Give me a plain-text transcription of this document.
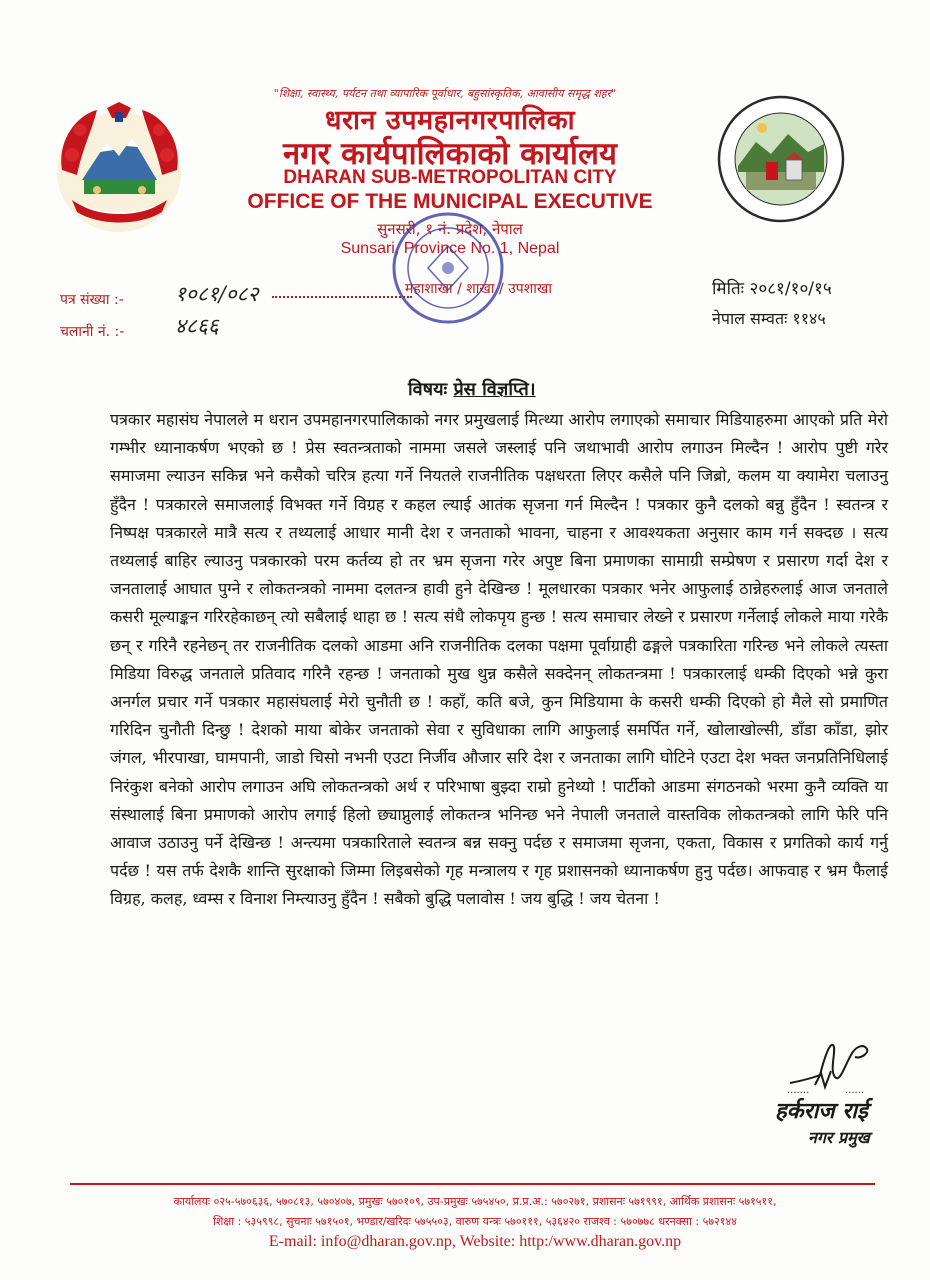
"शिक्षा, स्वास्थ्य, पर्यटन तथा व्यापारिक पूर्वाधार, बहुसांस्कृतिक, आवासीय समृद्ध शहर"
धरान उपमहानगरपालिका
नगर कार्यपालिकाको कार्यालय
DHARAN SUB-METROPOLITAN CITY
OFFICE OF THE MUNICIPAL EXECUTIVE
सुनसरी, १ नं. प्रदेश, नेपाल
Sunsari, Province No. 1, Nepal
पत्र संख्या :- १०८१/०८२	महाशाखा / शाखा / उपशाखा
चलानी नं. :- ४८६६
मितिः २०८१/१०/१५
नेपाल सम्वतः ११४५
विषयः प्रेस विज्ञप्ति।
पत्रकार महासंघ नेपालले म धरान उपमहानगरपालिकाको नगर प्रमुखलाई मित्थ्या आरोप लगाएको समाचार मिडियाहरुमा आएको प्रति मेरो गम्भीर ध्यानाकर्षण भएको छ ! प्रेस स्वतन्त्रताको नाममा जसले जस्लाई पनि जथाभावी आरोप लगाउन मिल्दैन ! आरोप पुष्टी गरेर समाजमा ल्याउन सकिन्न भने कसैको चरित्र हत्या गर्ने नियतले राजनीतिक पक्षधरता लिएर कसैले पनि जिब्रो, कलम या क्यामेरा चलाउनु हुँदैन ! पत्रकारले समाजलाई विभक्त गर्ने विग्रह र कहल ल्याई आतंक सृजना गर्न मिल्दैन ! पत्रकार कुनै दलको बन्नु हुँदैन ! स्वतन्त्र र निष्पक्ष पत्रकारले मात्रै सत्य र तथ्यलाई आधार मानी देश र जनताको भावना, चाहना र आवश्यकता अनुसार काम गर्न सक्दछ । सत्य तथ्यलाई बाहिर ल्याउनु पत्रकारको परम कर्तव्य हो तर भ्रम सृजना गरेर अपुष्ट बिना प्रमाणका सामाग्री सम्प्रेषण र प्रसारण गर्दा देश र जनतालाई आघात पुग्ने र लोकतन्त्रको नाममा दलतन्त्र हावी हुने देखिन्छ ! मूलधारका पत्रकार भनेर आफुलाई ठान्नेहरुलाई आज जनताले कसरी मूल्याङ्कन गरिरहेकाछन् त्यो सबैलाई थाहा छ ! सत्य संधै लोकपृय हुन्छ ! सत्य समाचार लेख्ने र प्रसारण गर्नेलाई लोकले माया गरेकै छन् र गरिनै रहनेछन् तर राजनीतिक दलको आडमा अनि राजनीतिक दलका पक्षमा पूर्वाग्राही ढङ्गले पत्रकारिता गरिन्छ भने लोकले त्यस्ता मिडिया विरुद्ध जनताले प्रतिवाद गरिनै रहन्छ ! जनताको मुख थुन्न कसैले सक्देनन् लोकतन्त्रमा ! पत्रकारलाई धम्की दिएको भन्ने कुरा अनर्गल प्रचार गर्ने पत्रकार महासंघलाई मेरो चुनौती छ ! कहाँ, कति बजे, कुन मिडियामा के कसरी धम्की दिएको हो मैले सो प्रमाणित गरिदिन चुनौती दिन्छु ! देशको माया बोकेर जनताको सेवा र सुविधाका लागि आफुलाई समर्पित गर्ने, खोलाखोल्सी, डाँडा काँडा, झोर जंगल, भीरपाखा, घामपानी, जाडो चिसो नभनी एउटा निर्जीव औजार सरि देश र जनताका लागि घोटिने एउटा देश भक्त जनप्रतिनिधिलाई निरंकुश बनेको आरोप लगाउन अघि लोकतन्त्रको अर्थ र परिभाषा बुझ्दा राम्रो हुनेथ्यो ! पार्टीको आडमा संगठनको भरमा कुनै व्यक्ति या संस्थालाई बिना प्रमाणको आरोप लगाई हिलो छ्याप्नुलाई लोकतन्त्र भनिन्छ भने नेपाली जनताले वास्तविक लोकतन्त्रको लागि फेरि पनि आवाज उठाउनु पर्ने देखिन्छ ! अन्त्यमा पत्रकारिताले स्वतन्त्र बन्न सक्नु पर्दछ र समाजमा सृजना, एकता, विकास र प्रगतिको कार्य गर्नु पर्दछ ! यस तर्फ देशकै शान्ति सुरक्षाको जिम्मा लिइबसेको गृह मन्त्रालय र गृह प्रशासनको ध्यानाकर्षण हुनु पर्दछ। आफवाह र भ्रम फैलाई विग्रह, कलह, ध्वम्स र विनाश निम्त्याउनु हुँदैन ! सबैको बुद्धि पलावोस ! जय बुद्धि ! जय चेतना !
.......	......
हर्कराज राई
नगर प्रमुख
कार्यालयः ०२५-५७०६३६, ५७०८१३, ५७०४०७, प्रमुखः ५७०१०९, उप-प्रमुखः ५७५४५०, प्र.प्र.अ.: ५७०२७१, प्रशासनः ५७१९९१, आर्थिक प्रशासनः ५७१५११,
शिक्षा : ५३५९९८, सुचनाः ५७१५०१, भण्डार/खरिदः ५७५५०३, वारुण यन्त्रः ५७०१११, ५३६४२० राजश्व : ५७०७७८ धरनक्सा : ५७२१४४
E-mail: info@dharan.gov.np, Website: http:/www.dharan.gov.np
